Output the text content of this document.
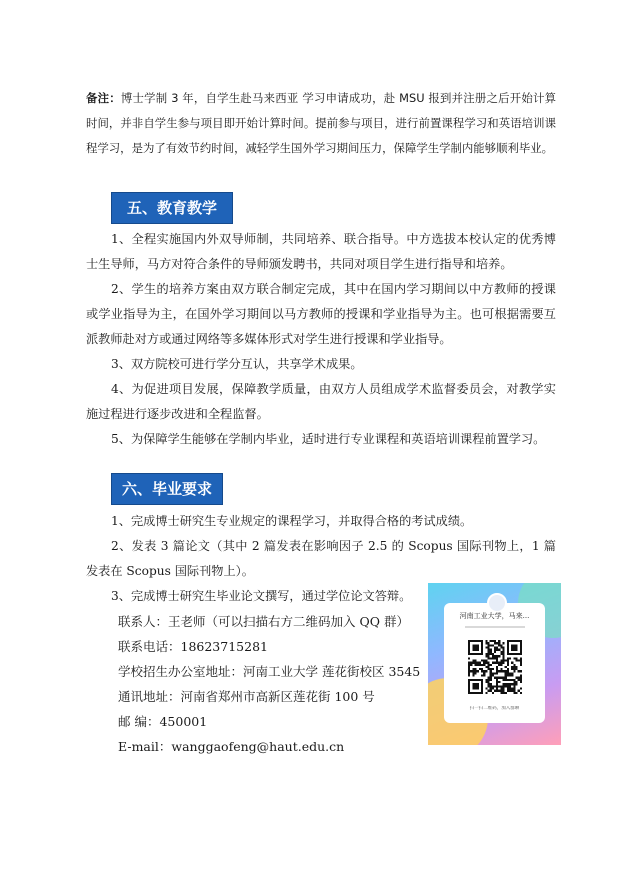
备注：博士学制 3 年，自学生赴马来西亚 学习申请成功，赴 MSU 报到并注册之后开始计算时间，并非自学生参与项目即开始计算时间。提前参与项目，进行前置课程学习和英语培训课程学习，是为了有效节约时间，减轻学生国外学习期间压力，保障学生学制内能够顺利毕业。

五、教育教学

1、全程实施国内外双导师制，共同培养、联合指导。中方选拔本校认定的优秀博士生导师，马方对符合条件的导师颁发聘书，共同对项目学生进行指导和培养。

2、学生的培养方案由双方联合制定完成，其中在国内学习期间以中方教师的授课或学业指导为主，在国外学习期间以马方教师的授课和学业指导为主。也可根据需要互派教师赴对方或通过网络等多媒体形式对学生进行授课和学业指导。

3、双方院校可进行学分互认，共享学术成果。

4、为促进项目发展，保障教学质量，由双方人员组成学术监督委员会，对教学实施过程进行逐步改进和全程监督。

5、为保障学生能够在学制内毕业，适时进行专业课程和英语培训课程前置学习。

六、毕业要求

1、完成博士研究生专业规定的课程学习，并取得合格的考试成绩。

2、发表 3 篇论文（其中 2 篇发表在影响因子 2.5 的 Scopus 国际刊物上，1 篇发表在 Scopus 国际刊物上）。

3、完成博士研究生毕业论文撰写，通过学位论文答辩。

联系人：王老师（可以扫描右方二维码加入 QQ 群）

联系电话：18623715281

学校招生办公室地址：河南工业大学 莲花街校区 3545

通讯地址：河南省郑州市高新区莲花街 100 号

邮 编：450001

E-mail：wanggaofeng@haut.edu.cn

河南工业大学，马来...
扫一扫二维码，加入群聊
